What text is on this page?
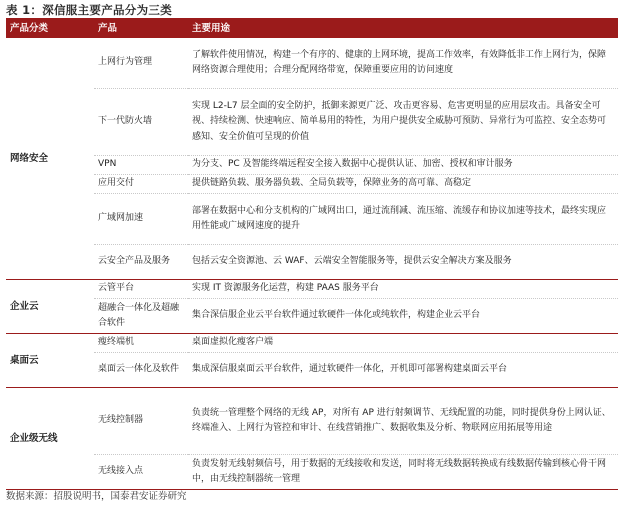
表 1：深信服主要产品分为三类
产品分类	产品	主要用途
网络安全	上网行为管理	了解软件使用情况，构建一个有序的、健康的上网环境，提高工作效率，有效降低非工作上网行为，保障网络资源合理使用；合理分配网络带宽，保障重要应用的访问速度
	下一代防火墙	实现 L2-L7 层全面的安全防护，抵御来源更广泛、攻击更容易、危害更明显的应用层攻击。具备安全可视、持续检测、快速响应、简单易用的特性，为用户提供安全威胁可预防、异常行为可监控、安全态势可感知、安全价值可呈现的价值
	VPN	为分支、PC 及智能终端远程安全接入数据中心提供认证、加密、授权和审计服务
	应用交付	提供链路负载、服务器负载、全局负载等，保障业务的高可靠、高稳定
	广域网加速	部署在数据中心和分支机构的广域网出口，通过流削减、流压缩、流缓存和协议加速等技术，最终实现应用性能或广域网速度的提升
	云安全产品及服务	包括云安全资源池、云 WAF、云端安全智能服务等，提供云安全解决方案及服务
企业云	云管平台	实现 IT 资源服务化运营，构建 PAAS 服务平台
	超融合一体化及超融合软件	集合深信服企业云平台软件通过软硬件一体化或纯软件，构建企业云平台
桌面云	瘦终端机	桌面虚拟化瘦客户端
	桌面云一体化及软件	集成深信服桌面云平台软件，通过软硬件一体化，开机即可部署构建桌面云平台
企业级无线	无线控制器	负责统一管理整个网络的无线 AP，对所有 AP 进行射频调节、无线配置的功能，同时提供身份上网认证、终端准入、上网行为管控和审计、在线营销推广、数据收集及分析、物联网应用拓展等用途
	无线接入点	负责发射无线射频信号，用于数据的无线接收和发送，同时将无线数据转换成有线数据传输到核心骨干网中，由无线控制器统一管理
数据来源：招股说明书，国泰君安证券研究
